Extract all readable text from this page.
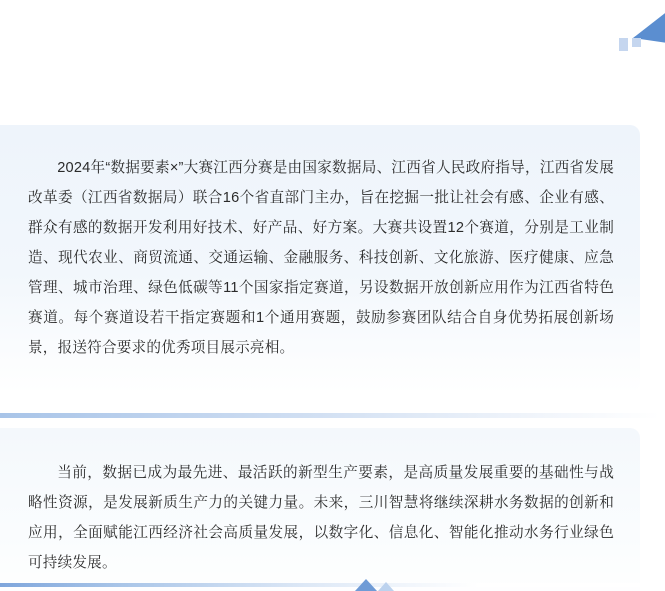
2024年“数据要素×”大赛江西分赛是由国家数据局、江西省人民政府指导，江西省发展改革委（江西省数据局）联合16个省直部门主办，旨在挖掘一批让社会有感、企业有感、群众有感的数据开发利用好技术、好产品、好方案。大赛共设置12个赛道，分别是工业制造、现代农业、商贸流通、交通运输、金融服务、科技创新、文化旅游、医疗健康、应急管理、城市治理、绿色低碳等11个国家指定赛道，另设数据开放创新应用作为江西省特色赛道。每个赛道设若干指定赛题和1个通用赛题，鼓励参赛团队结合自身优势拓展创新场景，报送符合要求的优秀项目展示亮相。

当前，数据已成为最先进、最活跃的新型生产要素，是高质量发展重要的基础性与战略性资源，是发展新质生产力的关键力量。未来，三川智慧将继续深耕水务数据的创新和应用，全面赋能江西经济社会高质量发展，以数字化、信息化、智能化推动水务行业绿色可持续发展。
